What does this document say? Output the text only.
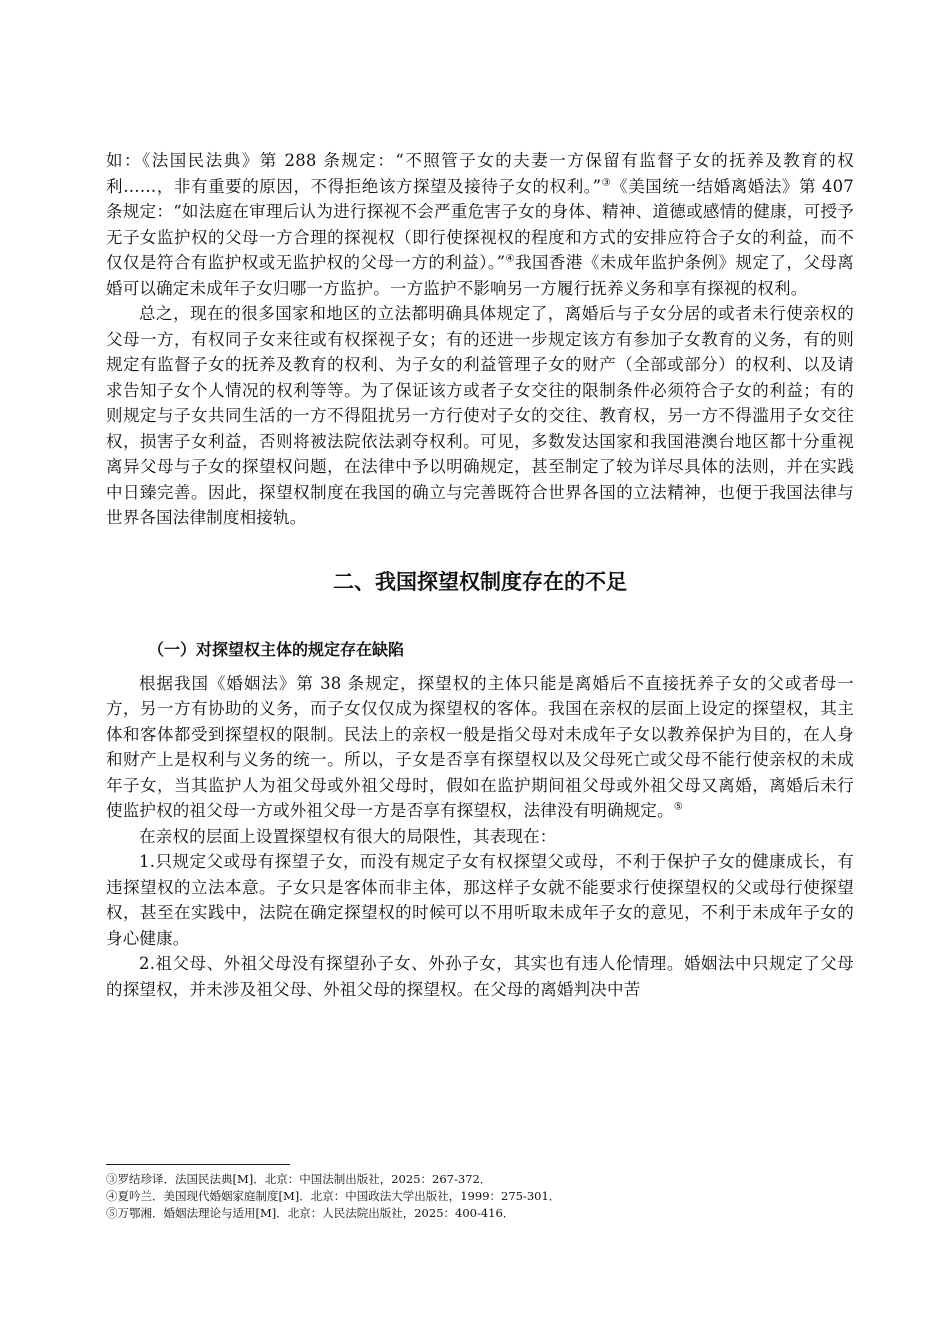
如：《法国民法典》第 288 条规定：“不照管子女的夫妻一方保留有监督子女的抚养及教育的权利……，非有重要的原因，不得拒绝该方探望及接待子女的权利。”③《美国统一结婚离婚法》第 407 条规定：“如法庭在审理后认为进行探视不会严重危害子女的身体、精神、道德或感情的健康，可授予无子女监护权的父母一方合理的探视权（即行使探视权的程度和方式的安排应符合子女的利益，而不仅仅是符合有监护权或无监护权的父母一方的利益）。”④我国香港《未成年监护条例》规定了，父母离婚可以确定未成年子女归哪一方监护。一方监护不影响另一方履行抚养义务和享有探视的权利。

总之，现在的很多国家和地区的立法都明确具体规定了，离婚后与子女分居的或者未行使亲权的父母一方，有权同子女来往或有权探视子女；有的还进一步规定该方有参加子女教育的义务，有的则规定有监督子女的抚养及教育的权利、为子女的利益管理子女的财产（全部或部分）的权利、以及请求告知子女个人情况的权利等等。为了保证该方或者子女交往的限制条件必须符合子女的利益；有的则规定与子女共同生活的一方不得阻扰另一方行使对子女的交往、教育权，另一方不得滥用子女交往权，损害子女利益，否则将被法院依法剥夺权利。可见，多数发达国家和我国港澳台地区都十分重视离异父母与子女的探望权问题，在法律中予以明确规定，甚至制定了较为详尽具体的法则，并在实践中日臻完善。因此，探望权制度在我国的确立与完善既符合世界各国的立法精神，也便于我国法律与世界各国法律制度相接轨。

二、我国探望权制度存在的不足
（一）对探望权主体的规定存在缺陷

根据我国《婚姻法》第 38 条规定，探望权的主体只能是离婚后不直接抚养子女的父或者母一方，另一方有协助的义务，而子女仅仅成为探望权的客体。我国在亲权的层面上设定的探望权，其主体和客体都受到探望权的限制。民法上的亲权一般是指父母对未成年子女以教养保护为目的，在人身和财产上是权利与义务的统一。所以，子女是否享有探望权以及父母死亡或父母不能行使亲权的未成年子女，当其监护人为祖父母或外祖父母时，假如在监护期间祖父母或外祖父母又离婚，离婚后未行使监护权的祖父母一方或外祖父母一方是否享有探望权，法律没有明确规定。⑤

在亲权的层面上设置探望权有很大的局限性，其表现在：

1.只规定父或母有探望子女，而没有规定子女有权探望父或母，不利于保护子女的健康成长，有违探望权的立法本意。子女只是客体而非主体，那这样子女就不能要求行使探望权的父或母行使探望权，甚至在实践中，法院在确定探望权的时候可以不用听取未成年子女的意见，不利于未成年子女的身心健康。

2.祖父母、外祖父母没有探望孙子女、外孙子女，其实也有违人伦情理。婚姻法中只规定了父母的探望权，并未涉及祖父母、外祖父母的探望权。在父母的离婚判决中苦

③罗结珍译．法国民法典[M]．北京：中国法制出版社，2025：267-372．

④夏吟兰．美国现代婚姻家庭制度[M]．北京：中国政法大学出版社，1999：275-301．

⑤万鄂湘．婚姻法理论与适用[M]．北京：人民法院出版社，2025：400-416．
